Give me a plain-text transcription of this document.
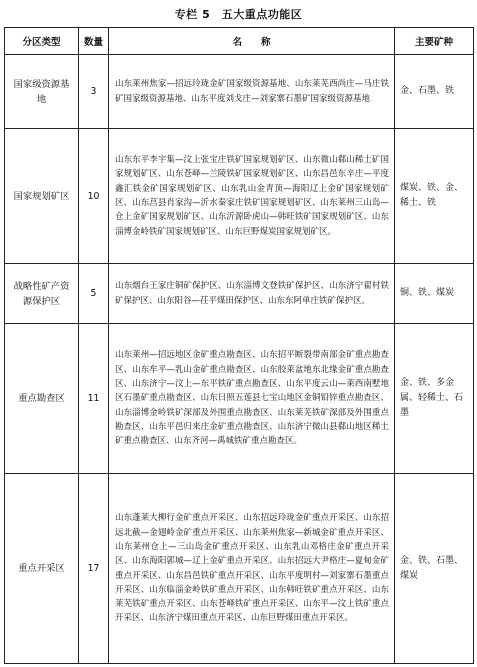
专栏 5　五大重点功能区
分区类型	数量	名　　称	主要矿种
国家级资源基地	3	山东莱州焦家—招远玲珑金矿国家级资源基地、山东莱芜西尚庄—马庄铁矿国家级资源基地、山东平度刘戈庄—刘家寨石墨矿国家级资源基地	金、石墨、铁
国家规划矿区	10	山东东平李宇集—汶上张宝庄铁矿国家规划矿区、山东微山郗山稀土矿国家规划矿区、山东苍峄—兰陵铁矿国家规划矿区、山东昌邑东辛庄—平度鑫汇铁金矿国家规划矿区、山东乳山金青顶—海阳辽上金矿国家规划矿区、山东莒县肖家沟—沂水秦家庄铁矿国家规划矿区、山东莱州三山岛—仓上金矿国家规划矿区、山东沂源卧虎山—韩旺铁矿国家规划矿区、山东淄博金岭铁矿国家规划矿区、山东巨野煤炭国家规划矿区。	煤炭、铁、金、稀土、铁
战略性矿产资源保护区	5	山东烟台王家庄铜矿保护区、山东淄博文登铁矿保护区、山东济宁翟村铁矿保护区、山东阳谷—茌平煤田保护区、山东东阿单庄铁矿保护区。	铜、铁、煤炭
重点勘查区	11	山东莱州—招远地区金矿重点勘查区、山东招平断裂带南部金矿重点勘查区、山东牟平—乳山金矿重点勘查区、山东胶莱盆地东北缘金矿重点勘查区、山东济宁—汶上—东平铁矿重点勘查区、山东平度云山—莱西南墅地区石墨矿重点勘查区、山东日照五莲县七宝山地区金铜铅锌重点勘查区、山东淄博金岭铁矿深部及外围重点勘查区、山东莱芜铁矿深部及外围重点勘查区、山东平邑归来庄金矿重点勘查区、山东济宁微山县郗山地区稀土矿重点勘查区、山东齐河—禹城铁矿重点勘查区。	金、铁、多金属、轻稀土、石墨
重点开采区	17	山东蓬莱大柳行金矿重点开采区、山东招远玲珑金矿重点开采区、山东招远北截—金翅岭金矿重点开采区、山东莱州焦家—新城金矿重点开采区、山东莱州仓上—三山岛金矿重点开采区、山东乳山邓格庄金矿重点开采区、山东海阳郭城—辽上金矿重点开采区、山东招远大尹格庄—夏甸金矿重点开采区、山东昌邑铁矿重点开采区、山东平度明村—刘家寨石墨重点开采区、山东临淄金岭铁矿重点开采区、山东韩旺铁矿重点开采区、山东莱芜铁矿重点开采区、山东苍峄铁矿重点开采区、山东平—汶上铁矿重点开采区、山东济宁煤田重点开采区、山东巨野煤田重点开采区。	金、铁、石墨、煤炭
